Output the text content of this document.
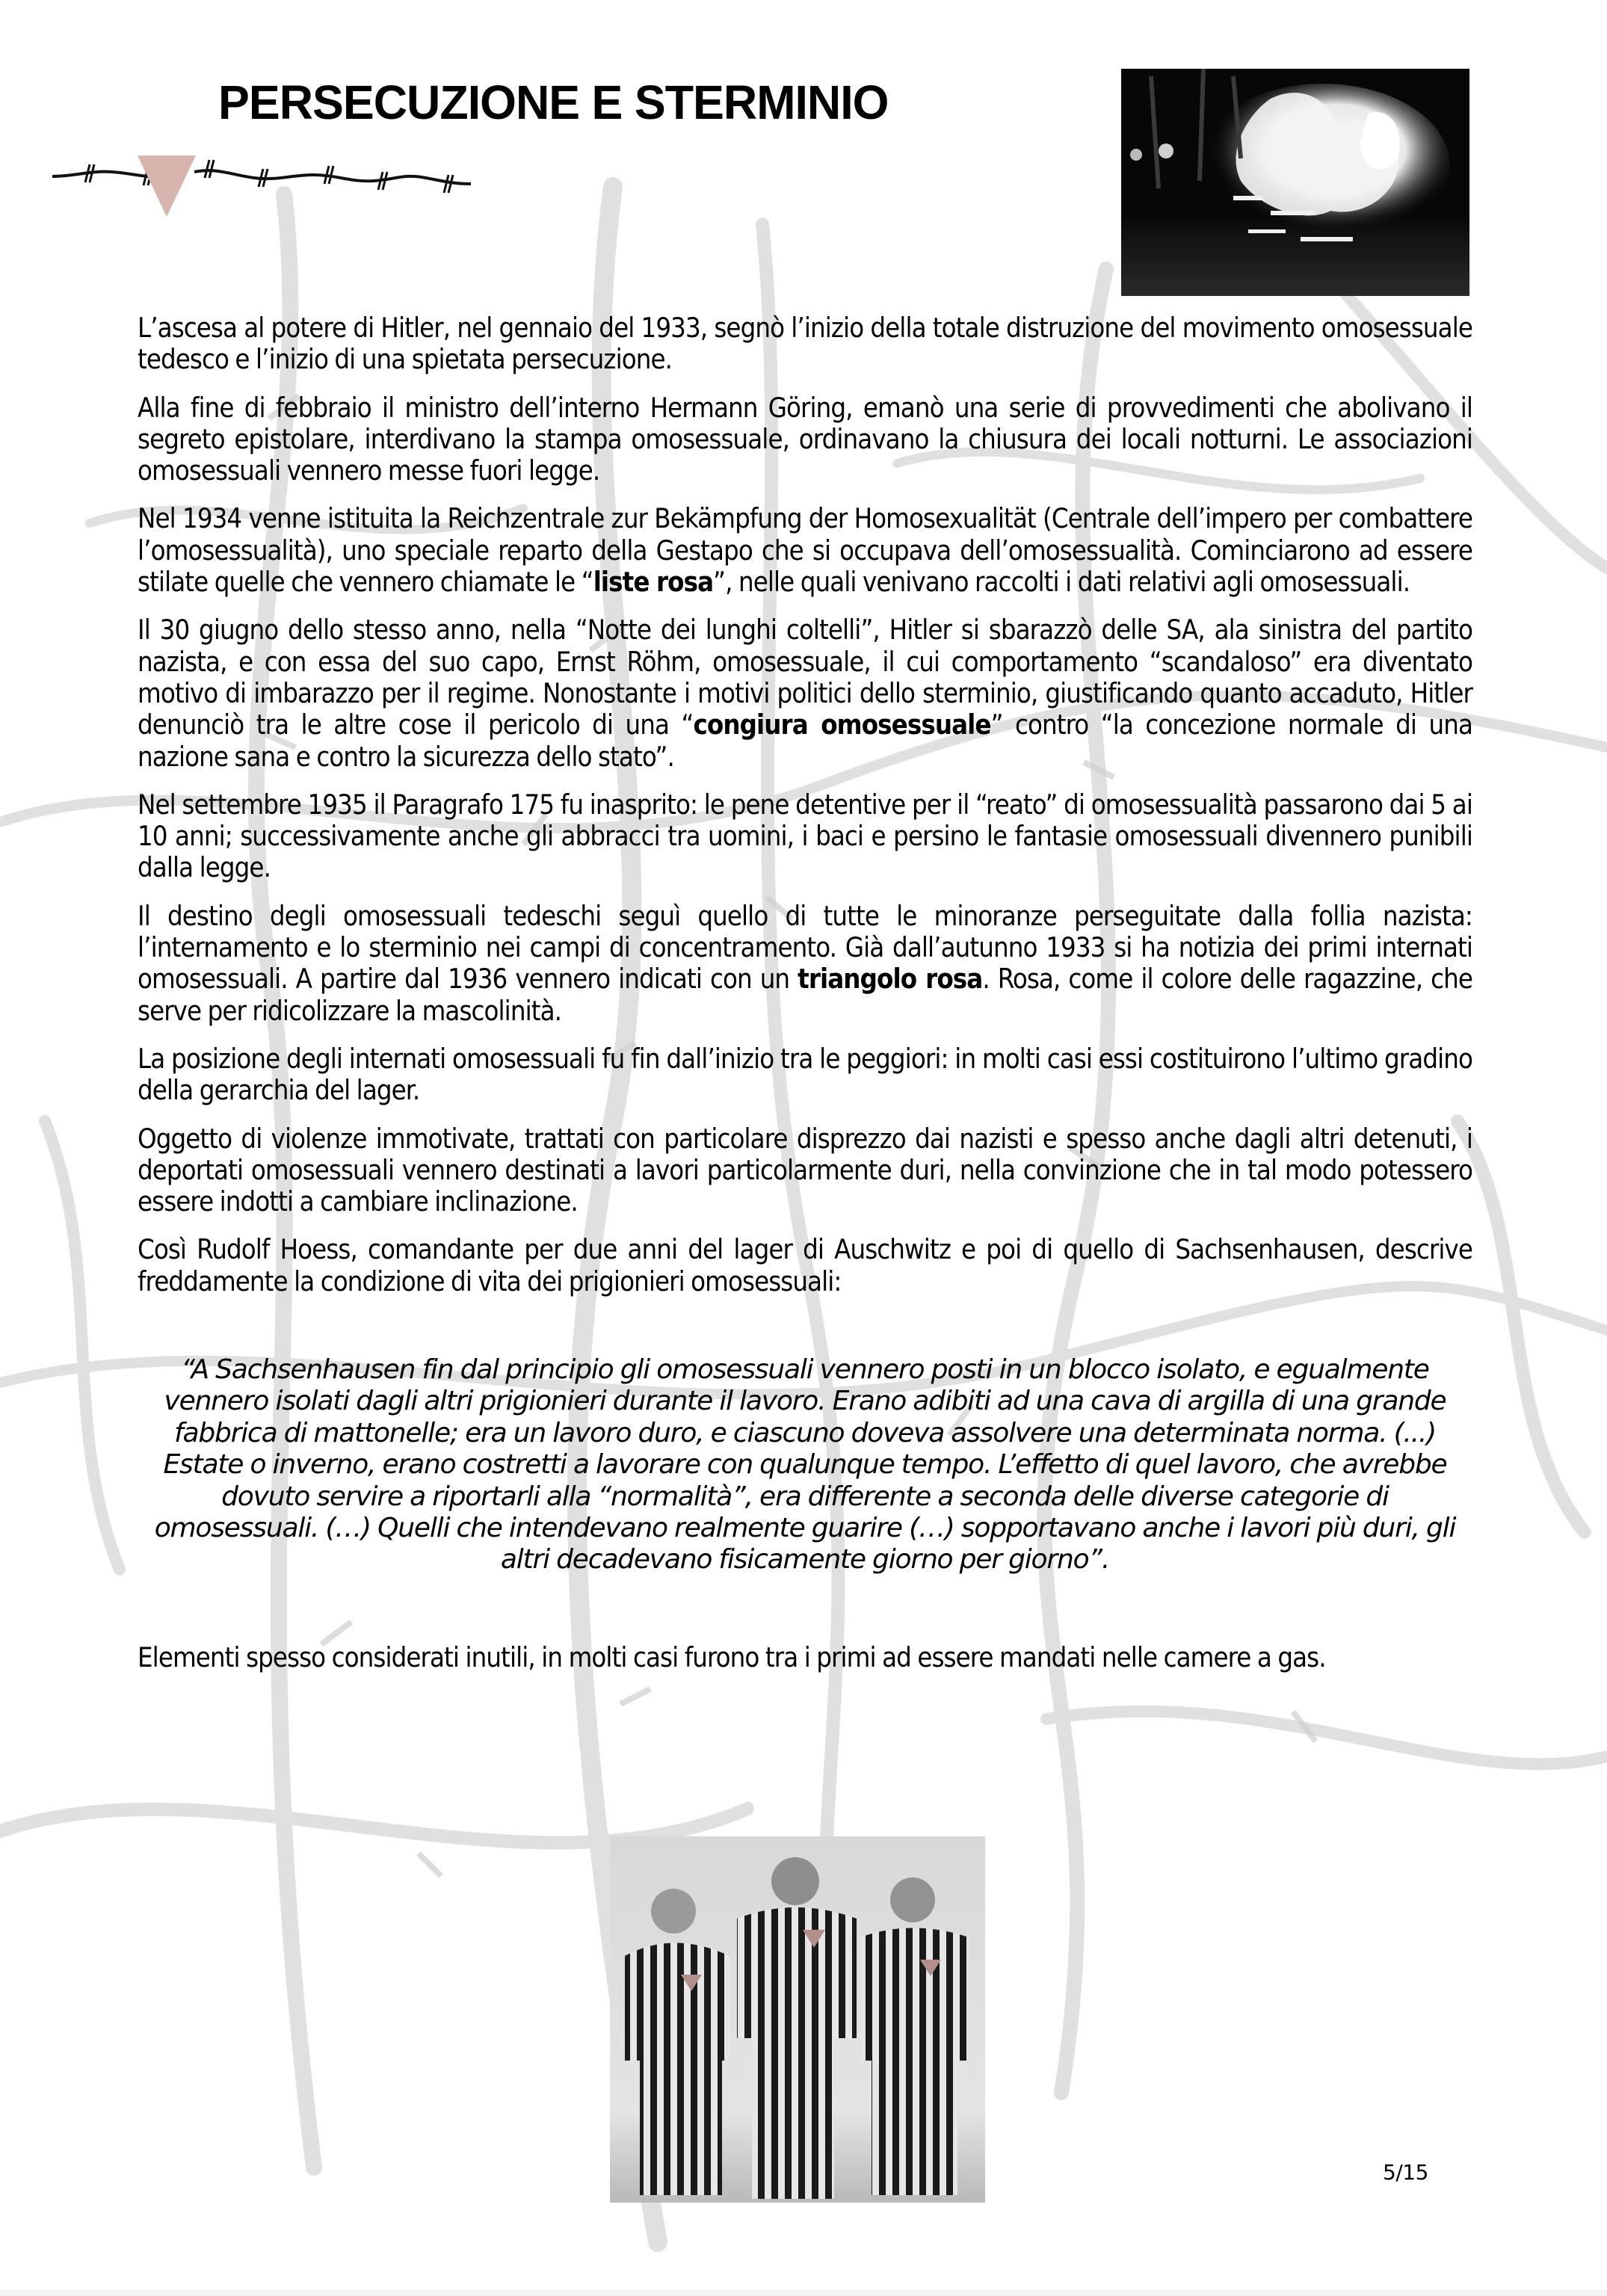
PERSECUZIONE E STERMINIO

L’ascesa al potere di Hitler, nel gennaio del 1933, segnò l’inizio della totale distruzione del movimento omosessuale tedesco e l’inizio di una spietata persecuzione.

Alla fine di febbraio il ministro dell’interno Hermann Göring, emanò una serie di provvedimenti che abolivano il segreto epistolare, interdivano la stampa omosessuale, ordinavano la chiusura dei locali notturni. Le associazioni omosessuali vennero messe fuori legge.

Nel 1934 venne istituita la Reichzentrale zur Bekämpfung der Homosexualität (Centrale dell’impero per combattere l’omosessualità), uno speciale reparto della Gestapo che si occupava dell’omosessualità. Cominciarono ad essere stilate quelle che vennero chiamate le “liste rosa”, nelle quali venivano raccolti i dati relativi agli omosessuali.

Il 30 giugno dello stesso anno, nella “Notte dei lunghi coltelli”, Hitler si sbarazzò delle SA, ala sinistra del partito nazista, e con essa del suo capo, Ernst Röhm, omosessuale, il cui comportamento “scandaloso” era diventato motivo di imbarazzo per il regime. Nonostante i motivi politici dello sterminio, giustificando quanto accaduto, Hitler denunciò tra le altre cose il pericolo di una “congiura omosessuale” contro “la concezione normale di una nazione sana e contro la sicurezza dello stato”.

Nel settembre 1935 il Paragrafo 175 fu inasprito: le pene detentive per il “reato” di omosessualità passarono dai 5 ai 10 anni; successivamente anche gli abbracci tra uomini, i baci e persino le fantasie omosessuali divennero punibili dalla legge.

Il destino degli omosessuali tedeschi seguì quello di tutte le minoranze perseguitate dalla follia nazista: l’internamento e lo sterminio nei campi di concentramento. Già dall’autunno 1933 si ha notizia dei primi internati omosessuali. A partire dal 1936 vennero indicati con un triangolo rosa. Rosa, come il colore delle ragazzine, che serve per ridicolizzare la mascolinità.

La posizione degli internati omosessuali fu fin dall’inizio tra le peggiori: in molti casi essi costituirono l’ultimo gradino della gerarchia del lager.

Oggetto di violenze immotivate, trattati con particolare disprezzo dai nazisti e spesso anche dagli altri detenuti, i deportati omosessuali vennero destinati a lavori particolarmente duri, nella convinzione che in tal modo potessero essere indotti a cambiare inclinazione.

Così Rudolf Hoess, comandante per due anni del lager di Auschwitz e poi di quello di Sachsenhausen, descrive freddamente la condizione di vita dei prigionieri omosessuali:

“A Sachsenhausen fin dal principio gli omosessuali vennero posti in un blocco isolato, e egualmente vennero isolati dagli altri prigionieri durante il lavoro. Erano adibiti ad una cava di argilla di una grande fabbrica di mattonelle; era un lavoro duro, e ciascuno doveva assolvere una determinata norma. (...) Estate o inverno, erano costretti a lavorare con qualunque tempo. L’effetto di quel lavoro, che avrebbe dovuto servire a riportarli alla “normalità”, era differente a seconda delle diverse categorie di omosessuali. (…) Quelli che intendevano realmente guarire (…) sopportavano anche i lavori più duri, gli altri decadevano fisicamente giorno per giorno”.

Elementi spesso considerati inutili, in molti casi furono tra i primi ad essere mandati nelle camere a gas.

5/15
